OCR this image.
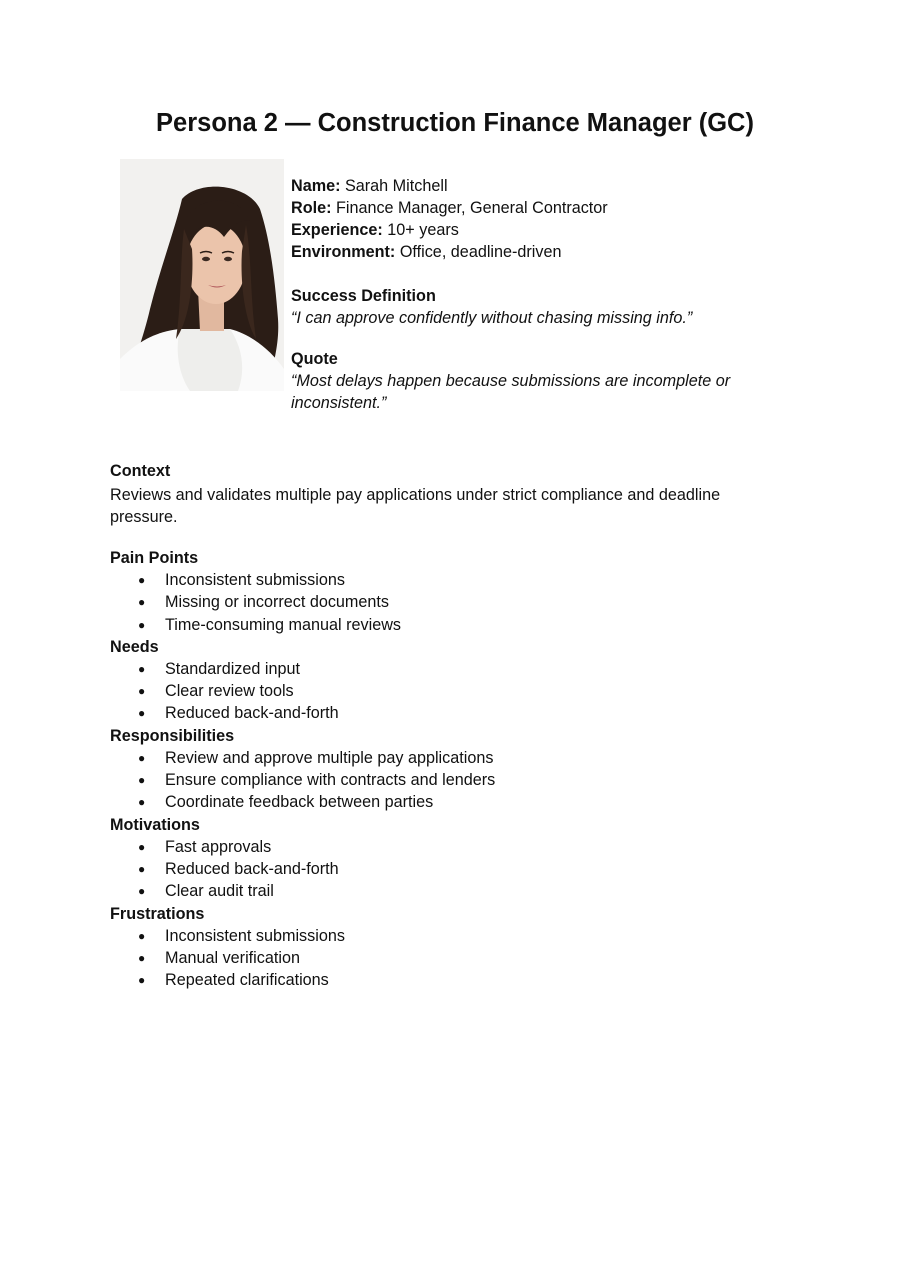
Persona 2 — Construction Finance Manager (GC)

Name: Sarah Mitchell

Role: Finance Manager, General Contractor

Experience: 10+ years

Environment: Office, deadline-driven

Success Definition

“I can approve confidently without chasing missing info.”

Quote

“Most delays happen because submissions are incomplete or inconsistent.”

Context

Reviews and validates multiple pay applications under strict compliance and deadline pressure.

Pain Points

● Inconsistent submissions
● Missing or incorrect documents
● Time-consuming manual reviews

Needs

● Standardized input
● Clear review tools
● Reduced back-and-forth

Responsibilities

● Review and approve multiple pay applications
● Ensure compliance with contracts and lenders
● Coordinate feedback between parties

Motivations

● Fast approvals
● Reduced back-and-forth
● Clear audit trail

Frustrations

● Inconsistent submissions
● Manual verification
● Repeated clarifications
